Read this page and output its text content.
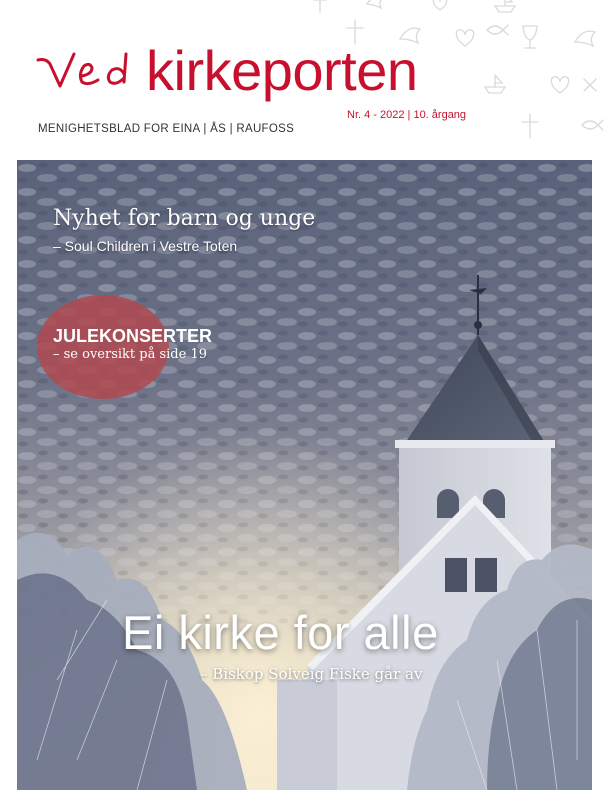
kirkeporten
Nr. 4 - 2022 | 10. årgang
MENIGHETSBLAD FOR EINA | ÅS | RAUFOSS
Nyhet for barn og unge
– Soul Children i Vestre Toten
JULEKONSERTER
– se oversikt på side 19
Ei kirke for alle
– Biskop Solveig Fiske går av
